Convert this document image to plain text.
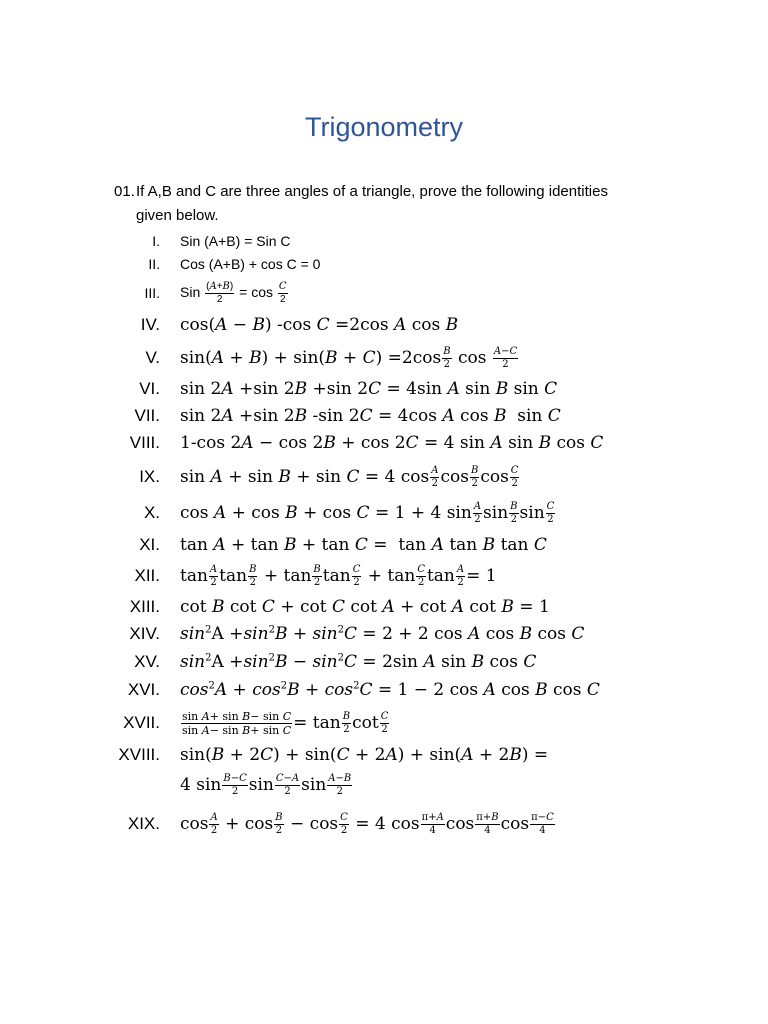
Trigonometry
01.If A,B and C are three angles of a triangle, prove the following identities
given below.
I.	Sin (A+B) = Sin C
II.	Cos (A+B) + cos C = 0
III.	Sin $\frac{(A+B)}{2} = \cos \frac{C}{2}$
IV.	cos(A − B) -cos C =2cos A cos B
V.	$\sin(A + B) + \sin(B + C) =2\cos \frac{B}{2}$ $\cos \frac{A-C}{2}$
VI.	sin 2A +sin 2B +sin 2C = 4sin A sin B sin C
VII.	sin 2A +sin 2B -sin 2C = 4cos A cos B  sin C
VIII.	1-cos 2A − cos 2B + cos 2C = 4 sin A sin B cos C
IX.	sin A + sin B + sin C = 4 $\cos \frac{A}{2}$ $\cos \frac{B}{2}$ $\cos \frac{C}{2}$
X.	cos A + cos B + cos C = 1 + 4 $\sin \frac{A}{2}$ $\sin \frac{B}{2}$ $\sin \frac{C}{2}$
XI.	tan A + tan B + tan C =  tan A tan B tan C
XII.	$\tan \frac{A}{2}$ $\tan \frac{B}{2} + \tan \frac{B}{2}$ $\tan \frac{C}{2} + \tan \frac{C}{2}$ $\tan \frac{A}{2} = 1$
XIII.	cot B cot C + cot C cot A + cot A cot B = 1
XIV.	$\sin^2A +\sin^2B + \sin^2C = 2 + 2$ cos A cos B cos C
XV.	$\sin^2A +\sin^2B - \sin^2C = 2\sin$ A sin B cos C
XVI.	$\cos^2A + \cos^2B + \cos^2C = 1 - 2$ cos A cos B cos C
XVII.	$\frac{\text{sin A+ sin B− sin C}}{\text{sin A− sin B+ sin C}} = \tan \frac{B}{2}$ $\cot \frac{C}{2}$
XVIII.	sin(B + 2C) + sin(C + 2A) + sin(A + 2B) =
4 $\sin \frac{B-C}{2}$ $\sin \frac{C-A}{2}$ $\sin \frac{A-B}{2}$
XIX.	$\cos \frac{A}{2} + \cos \frac{B}{2} - \cos \frac{C}{2} = 4$ $\cos \frac{\pi+A}{4}$ $\cos \frac{\pi+B}{4}$ $\cos \frac{\pi-C}{4}$
